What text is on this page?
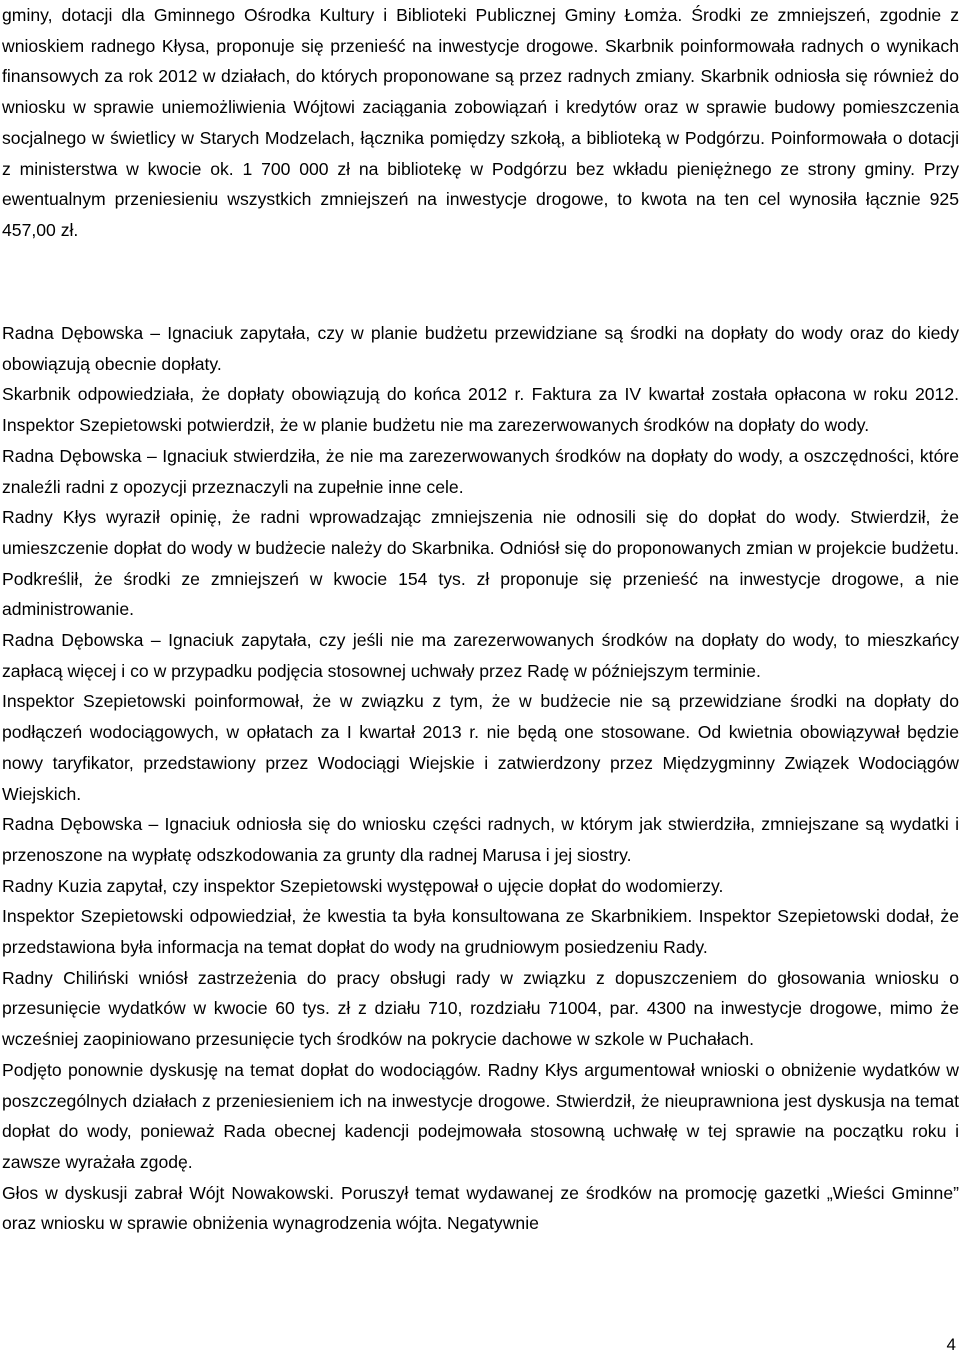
gminy, dotacji dla Gminnego Ośrodka Kultury i Biblioteki Publicznej Gminy Łomża. Środki ze zmniejszeń, zgodnie z wnioskiem radnego Kłysa, proponuje się przenieść na inwestycje drogowe. Skarbnik poinformowała radnych o wynikach finansowych za rok 2012 w działach, do których proponowane są przez radnych zmiany. Skarbnik odniosła się również do wniosku w sprawie uniemożliwienia Wójtowi zaciągania zobowiązań i kredytów oraz w sprawie budowy pomieszczenia socjalnego w świetlicy w Starych Modzelach, łącznika pomiędzy szkołą, a biblioteką w Podgórzu. Poinformowała o dotacji z ministerstwa w kwocie ok. 1 700 000 zł na bibliotekę w Podgórzu bez wkładu pieniężnego ze strony gminy. Przy ewentualnym przeniesieniu wszystkich zmniejszeń na inwestycje drogowe, to kwota na ten cel wynosiła łącznie 925 457,00 zł.

Radna Dębowska – Ignaciuk zapytała, czy w planie budżetu przewidziane są środki na dopłaty do wody oraz do kiedy obowiązują obecnie dopłaty.

Skarbnik odpowiedziała, że dopłaty obowiązują do końca 2012 r. Faktura za IV kwartał została opłacona w roku 2012. Inspektor Szepietowski potwierdził, że w planie budżetu nie ma zarezerwowanych środków na dopłaty do wody.

Radna Dębowska – Ignaciuk stwierdziła, że nie ma zarezerwowanych środków na dopłaty do wody, a oszczędności, które znaleźli radni z opozycji przeznaczyli na zupełnie inne cele.

Radny Kłys wyraził opinię, że radni wprowadzając zmniejszenia nie odnosili się do dopłat do wody. Stwierdził, że umieszczenie dopłat do wody w budżecie należy do Skarbnika. Odniósł się do proponowanych zmian w projekcie budżetu. Podkreślił, że środki ze zmniejszeń w kwocie 154 tys. zł proponuje się przenieść na inwestycje drogowe, a nie administrowanie.

Radna Dębowska – Ignaciuk zapytała, czy jeśli nie ma zarezerwowanych środków na dopłaty do wody, to mieszkańcy zapłacą więcej i co w przypadku podjęcia stosownej uchwały przez Radę w późniejszym terminie.

Inspektor Szepietowski poinformował, że w związku z tym, że w budżecie nie są przewidziane środki na dopłaty do podłączeń wodociągowych, w opłatach za I kwartał 2013 r. nie będą one stosowane. Od kwietnia obowiązywał będzie nowy taryfikator, przedstawiony przez Wodociągi Wiejskie i zatwierdzony przez Międzygminny Związek Wodociągów Wiejskich.

Radna Dębowska – Ignaciuk odniosła się do wniosku części radnych, w którym jak stwierdziła, zmniejszane są wydatki i przenoszone na wypłatę odszkodowania za grunty dla radnej Marusa i jej siostry.

Radny Kuzia zapytał, czy inspektor Szepietowski występował o ujęcie dopłat do wodomierzy.

Inspektor Szepietowski odpowiedział, że kwestia ta była konsultowana ze Skarbnikiem. Inspektor Szepietowski dodał, że przedstawiona była informacja na temat dopłat do wody na grudniowym posiedzeniu Rady.

Radny Chiliński wniósł zastrzeżenia do pracy obsługi rady w związku z dopuszczeniem do głosowania wniosku o przesunięcie wydatków w kwocie 60 tys. zł z działu 710, rozdziału 71004, par. 4300 na inwestycje drogowe, mimo że wcześniej zaopiniowano przesunięcie tych środków na pokrycie dachowe w szkole w Puchałach.

Podjęto ponownie dyskusję na temat dopłat do wodociągów. Radny Kłys argumentował wnioski o obniżenie wydatków w poszczególnych działach z przeniesieniem ich na inwestycje drogowe. Stwierdził, że nieuprawniona jest dyskusja na temat dopłat do wody, ponieważ Rada obecnej kadencji podejmowała stosowną uchwałę w tej sprawie na początku roku i zawsze wyrażała zgodę.

Głos w dyskusji zabrał Wójt Nowakowski. Poruszył temat wydawanej ze środków na promocję gazetki „Wieści Gminne” oraz wniosku w sprawie obniżenia wynagrodzenia wójta. Negatywnie

4
